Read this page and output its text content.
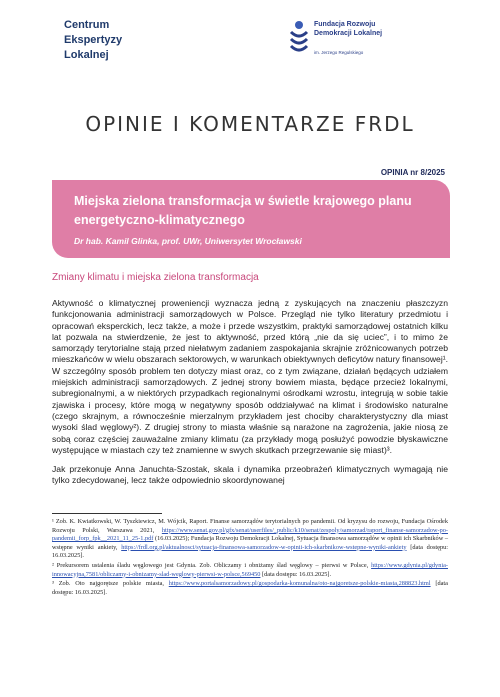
Centrum
Ekspertyzy
Lokalnej
Fundacja Rozwoju
Demokracji Lokalnej
im. Jerzego Regulskiego
OPINIE I KOMENTARZE FRDL
OPINIA nr 8/2025
Miejska zielona transformacja w świetle krajowego planu energetyczno-klimatycznego
Dr hab. Kamil Glinka, prof. UWr, Uniwersytet Wrocławski
Zmiany klimatu i miejska zielona transformacja

Aktywność o klimatycznej proweniencji wyznacza jedną z zyskujących na znaczeniu płaszczyzn funkcjonowania administracji samorządowych w Polsce. Przegląd nie tylko literatury przedmiotu i opracowań eksperckich, lecz także, a może i przede wszystkim, praktyki samorządowej ostatnich kilku lat pozwala na stwierdzenie, że jest to aktywność, przed którą „nie da się uciec”, i to mimo że samorządy terytorialne stają przed niełatwym zadaniem zaspokajania skrajnie zróżnicowanych potrzeb mieszkańców w wielu obszarach sektorowych, w warunkach obiektywnych deficytów natury finansowej¹. W szczególny sposób problem ten dotyczy miast oraz, co z tym związane, działań będących udziałem miejskich administracji samorządowych. Z jednej strony bowiem miasta, będące przecież lokalnymi, subregionalnymi, a w niektórych przypadkach regionalnymi ośrodkami wzrostu, integrują w sobie takie zjawiska i procesy, które mogą w negatywny sposób oddziaływać na klimat i środowisko naturalne (czego skrajnym, a równocześnie mierzalnym przykładem jest chociby charakterystyczny dla miast wysoki ślad węglowy²). Z drugiej strony to miasta właśnie są narażone na zagrożenia, jakie niosą ze sobą coraz częściej zauważalne zmiany klimatu (za przykłady mogą posłużyć powodzie błyskawiczne występujące w miastach czy też znamienne w swych skutkach przegrzewanie się miast)³.

Jak przekonuje Anna Januchta-Szostak, skala i dynamika przeobrażeń klimatycznych wymagają nie tylko zdecydowanej, lecz także odpowiednio skoordynowanej

¹ Zob. K. Kwiatkowski, W. Tyszkiewicz, M. Wójcik, Raport. Finanse samorządów terytorialnych po pandemii. Od kryzysu do rozwoju, Fundacja Ośrodek Rozwoju Polski, Warszawa 2021, https://www.senat.gov.pl/gfx/senat/userfiles/_public/k10/senat/zespoly/samorzad/raport_finanse-samorzadow-po-pandemii_forp_fpk__2021_11_25-1.pdf (16.03.2025); Fundacja Rozwoju Demokracji Lokalnej, Sytuacja finansowa samorządów w opinii ich Skarbników – wstępne wyniki ankiety, https://frdl.org.pl/aktualnosci/sytuacja-finansowa-samorzadow-w-opinii-ich-skarbnikow-wstepne-wyniki-ankiety [data dostępu: 16.03.2025].

² Prekursorem ustalenia śladu węglowego jest Gdynia. Zob. Obliczamy i obniżamy ślad węglowy – pierwsi w Polsce, https://www.gdynia.pl/gdynia-innowacyjna,7581/obliczamy-i-obnizamy-slad-weglowy-pierwsi-w-polsce,569450 [data dostępu: 16.03.2025].

³ Zob. Oto najgorętsze polskie miasta, https://www.portalsamorzadowy.pl/gospodarka-komunalna/oto-najgoretsze-polskie-miasta,288823.html [data dostępu: 16.03.2025].
